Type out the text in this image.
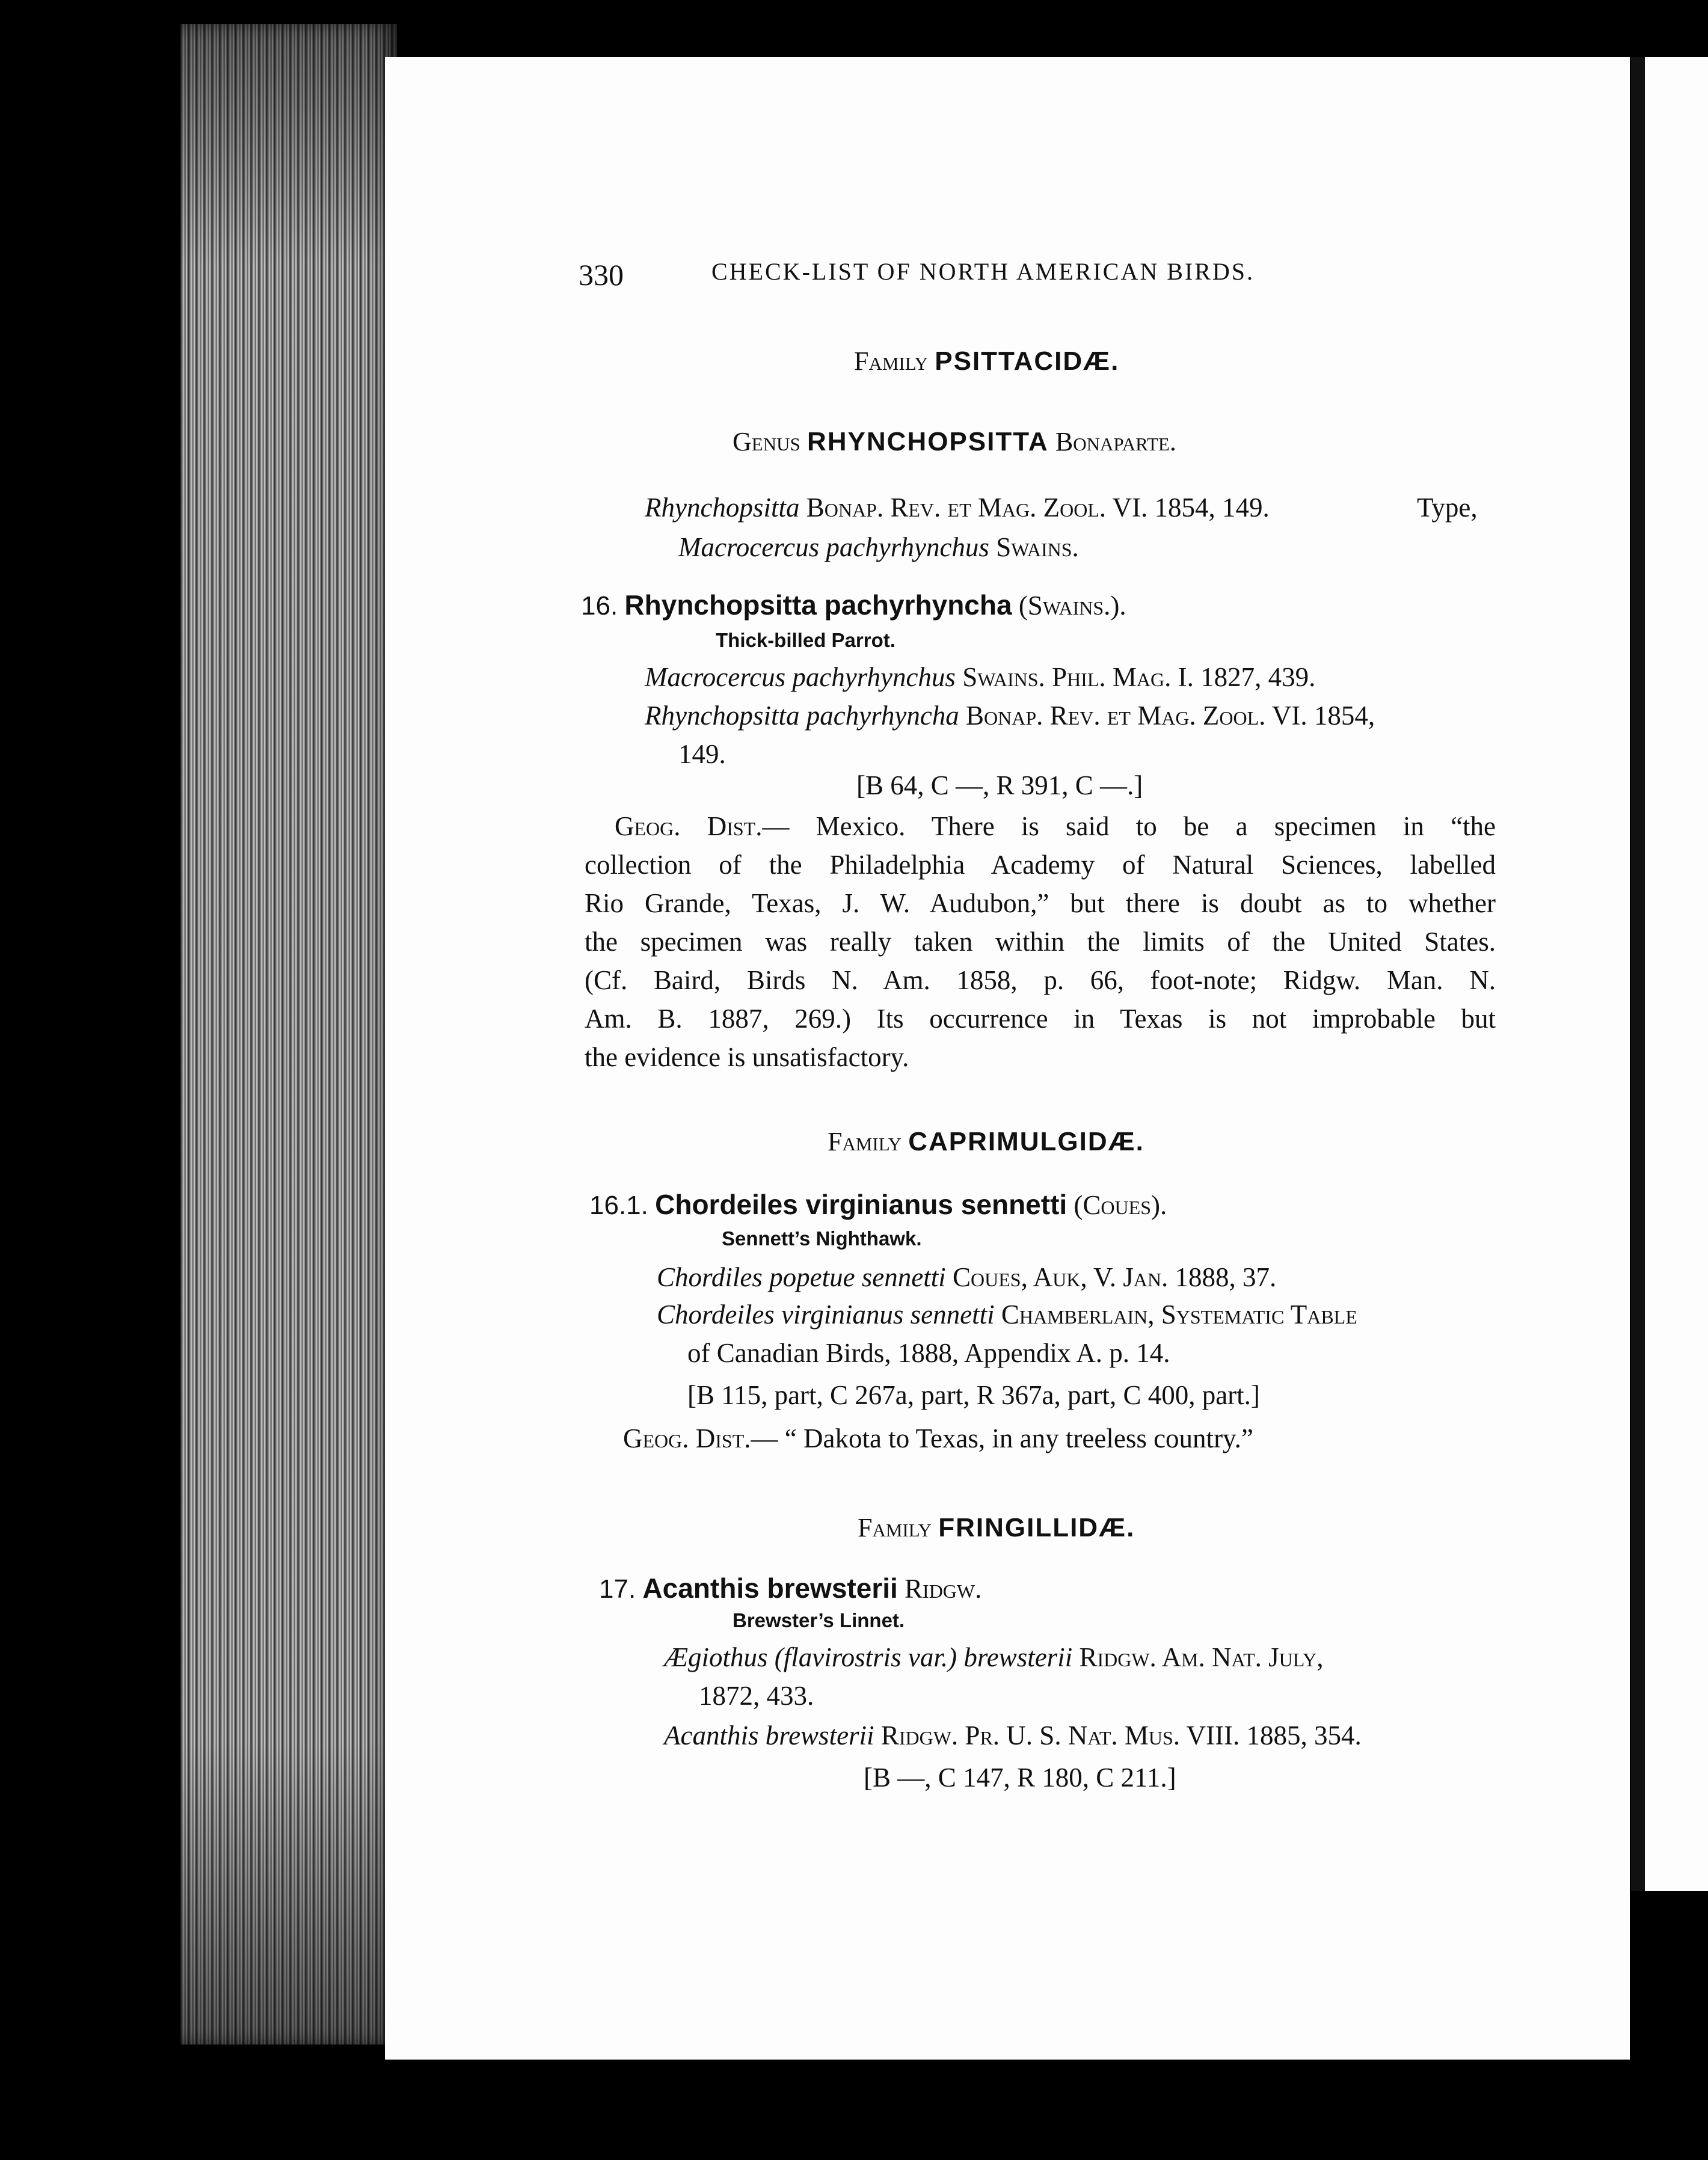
330	CHECK-LIST OF NORTH AMERICAN BIRDS.
Family PSITTACIDÆ.
Genus RHYNCHOPSITTA Bonaparte.
Rhynchopsitta Bonap. Rev. et Mag. Zool. VI. 1854, 149.	Type,
Macrocercus pachyrhynchus Swains.
16. Rhynchopsitta pachyrhyncha (Swains.).
Thick-billed Parrot.
Macrocercus pachyrhynchus Swains. Phil. Mag. I. 1827, 439.
Rhynchopsitta pachyrhyncha Bonap. Rev. et Mag. Zool. VI. 1854,
149.
[B 64, C —, R 391, C —.]
Geog. Dist.— Mexico. There is said to be a specimen in “the
collection of the Philadelphia Academy of Natural Sciences, labelled
Rio Grande, Texas, J. W. Audubon,” but there is doubt as to whether
the specimen was really taken within the limits of the United States.
(Cf. Baird, Birds N. Am. 1858, p. 66, foot-note; Ridgw. Man. N.
Am. B. 1887, 269.) Its occurrence in Texas is not improbable but
the evidence is unsatisfactory.
Family CAPRIMULGIDÆ.
16.1. Chordeiles virginianus sennetti (Coues).
Sennett’s Nighthawk.
Chordiles popetue sennetti Coues, Auk, V. Jan. 1888, 37.
Chordeiles virginianus sennetti Chamberlain, Systematic Table
of Canadian Birds, 1888, Appendix A. p. 14.
[B 115, part, C 267a, part, R 367a, part, C 400, part.]
Geog. Dist.— “ Dakota to Texas, in any treeless country.”
Family FRINGILLIDÆ.
17. Acanthis brewsterii Ridgw.
Brewster’s Linnet.
Ægiothus (flavirostris var.) brewsterii Ridgw. Am. Nat. July,
1872, 433.
Acanthis brewsterii Ridgw. Pr. U. S. Nat. Mus. VIII. 1885, 354.
[B —, C 147, R 180, C 211.]
